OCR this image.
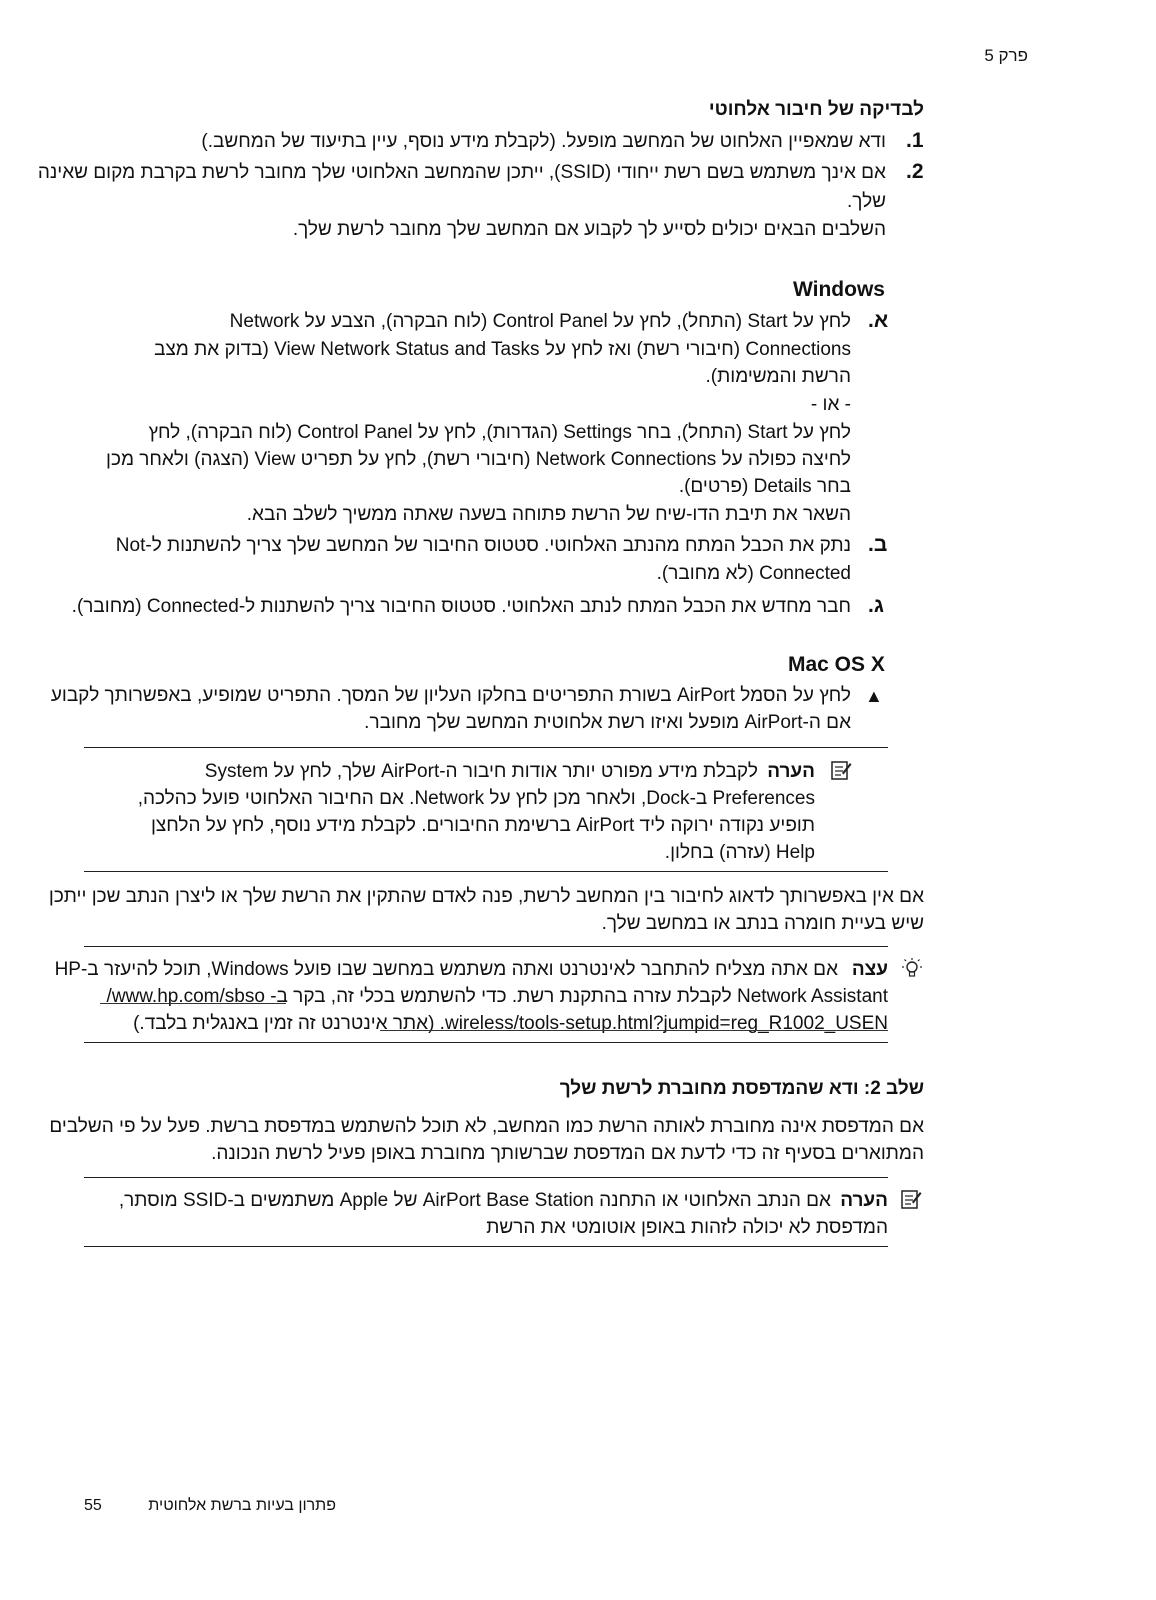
פרק 5
לבדיקה של חיבור אלחוטי
.1
ודא שמאפיין האלחוט של המחשב מופעל. (לקבלת מידע נוסף, עיין בתיעוד של המחשב.)
.2
אם אינך משתמש בשם רשת ייחודי (SSID), ייתכן שהמחשב האלחוטי שלך מחובר לרשת בקרבת מקום שאינה
שלך.
השלבים הבאים יכולים לסייע לך לקבוע אם המחשב שלך מחובר לרשת שלך.
Windows
.א
לחץ על Start (התחל), לחץ על Control Panel (לוח הבקרה), הצבע על Network
Connections (חיבורי רשת) ואז לחץ על View Network Status and Tasks (בדוק את מצב
הרשת והמשימות).
- או -
לחץ על Start (התחל), בחר Settings (הגדרות), לחץ על Control Panel (לוח הבקרה), לחץ
לחיצה כפולה על Network Connections (חיבורי רשת), לחץ על תפריט View (הצגה) ולאחר מכן
בחר Details (פרטים).
השאר את תיבת הדו-שיח של הרשת פתוחה בשעה שאתה ממשיך לשלב הבא.
.ב
נתק את הכבל המתח מהנתב האלחוטי. סטטוס החיבור של המחשב שלך צריך להשתנות ל-Not
Connected (לא מחובר).
.ג
חבר מחדש את הכבל המתח לנתב האלחוטי. סטטוס החיבור צריך להשתנות ל-Connected (מחובר).
Mac OS X
▲
לחץ על הסמל AirPort בשורת התפריטים בחלקו העליון של המסך. התפריט שמופיע, באפשרותך לקבוע
אם ה-AirPort מופעל ואיזו רשת אלחוטית המחשב שלך מחובר.
הערה
לקבלת מידע מפורט יותר אודות חיבור ה-AirPort שלך, לחץ על System
Preferences ב-Dock, ולאחר מכן לחץ על Network. אם החיבור האלחוטי פועל כהלכה,
תופיע נקודה ירוקה ליד AirPort ברשימת החיבורים. לקבלת מידע נוסף, לחץ על הלחצן
Help (עזרה) בחלון.
אם אין באפשרותך לדאוג לחיבור בין המחשב לרשת, פנה לאדם שהתקין את הרשת שלך או ליצרן הנתב שכן ייתכן
שיש בעיית חומרה בנתב או במחשב שלך.
עצה
אם אתה מצליח להתחבר לאינטרנט ואתה משתמש במחשב שבו פועל Windows, תוכל להיעזר ב-HP
Network Assistant לקבלת עזרה בהתקנת רשת. כדי להשתמש בכלי זה, בקר ב- www.hp.com/sbso/
wireless/tools-setup.html?jumpid=reg_R1002_USEN. (אתר אינטרנט זה זמין באנגלית בלבד.)
שלב 2: ודא שהמדפסת מחוברת לרשת שלך
אם המדפסת אינה מחוברת לאותה הרשת כמו המחשב, לא תוכל להשתמש במדפסת ברשת. פעל על פי השלבים
המתוארים בסעיף זה כדי לדעת אם המדפסת שברשותך מחוברת באופן פעיל לרשת הנכונה.
הערה
אם הנתב האלחוטי או התחנה AirPort Base Station של Apple משתמשים ב-SSID מוסתר,
המדפסת לא יכולה לזהות באופן אוטומטי את הרשת
פתרון בעיות ברשת אלחוטית
55
